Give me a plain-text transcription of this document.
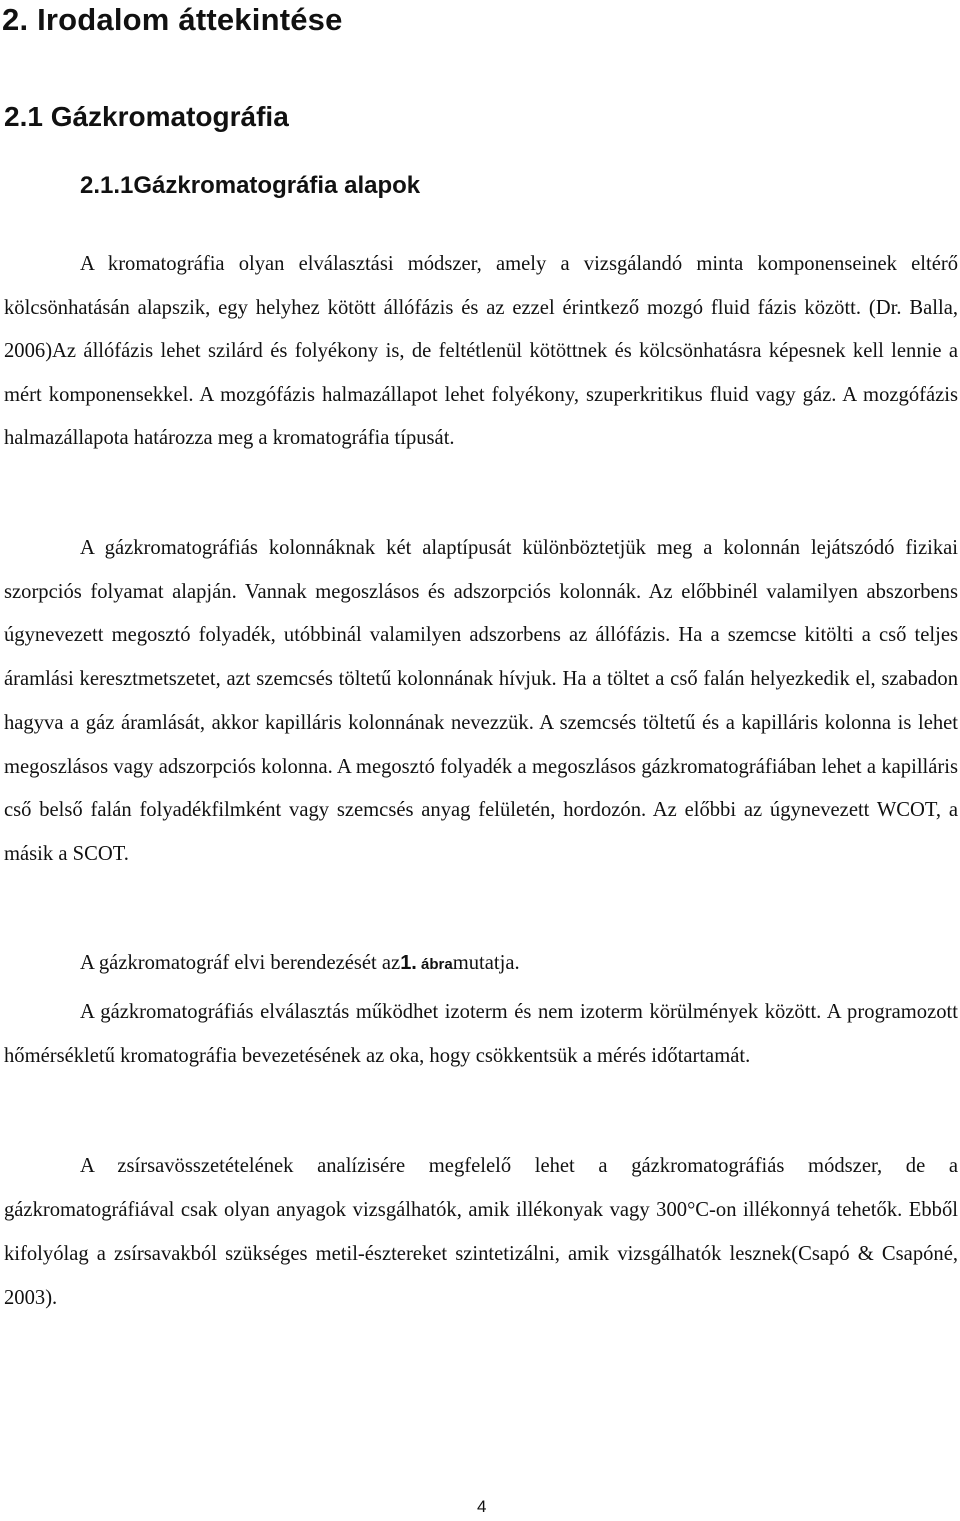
2. Irodalom áttekintése
2.1 Gázkromatográfia
2.1.1Gázkromatográfia alapok

A kromatográfia olyan elválasztási módszer, amely a vizsgálandó minta komponenseinek eltérő kölcsönhatásán alapszik, egy helyhez kötött állófázis és az ezzel érintkező mozgó fluid fázis között. (Dr. Balla, 2006)Az állófázis lehet szilárd és folyékony is, de feltétlenül kötöttnek és kölcsönhatásra képesnek kell lennie a mért komponensekkel. A mozgófázis halmazállapot lehet folyékony, szuperkritikus fluid vagy gáz. A mozgófázis halmazállapota határozza meg a kromatográfia típusát.

A gázkromatográfiás kolonnáknak két alaptípusát különböztetjük meg a kolonnán lejátszódó fizikai szorpciós folyamat alapján. Vannak megoszlásos és adszorpciós kolonnák. Az előbbinél valamilyen abszorbens úgynevezett megosztó folyadék, utóbbinál valamilyen adszorbens az állófázis. Ha a szemcse kitölti a cső teljes áramlási keresztmetszetet, azt szemcsés töltetű kolonnának hívjuk. Ha a töltet a cső falán helyezkedik el, szabadon hagyva a gáz áramlását, akkor kapilláris kolonnának nevezzük. A szemcsés töltetű és a kapilláris kolonna is lehet megoszlásos vagy adszorpciós kolonna. A megosztó folyadék a megoszlásos gázkromatográfiában lehet a kapilláris cső belső falán folyadékfilmként vagy szemcsés anyag felületén, hordozón. Az előbbi az úgynevezett WCOT, a másik a SCOT.

A gázkromatográf elvi berendezését az1. ábramutatja.

A gázkromatográfiás elválasztás működhet izoterm és nem izoterm körülmények között. A programozott hőmérsékletű kromatográfia bevezetésének az oka, hogy csökkentsük a mérés időtartamát.

A zsírsavösszetételének analízisére megfelelő lehet a gázkromatográfiás módszer, de a gázkromatográfiával csak olyan anyagok vizsgálhatók, amik illékonyak vagy 300°C-on illékonnyá tehetők. Ebből kifolyólag a zsírsavakból szükséges metil-észtereket szintetizálni, amik vizsgálhatók lesznek(Csapó & Csapóné, 2003).

4
